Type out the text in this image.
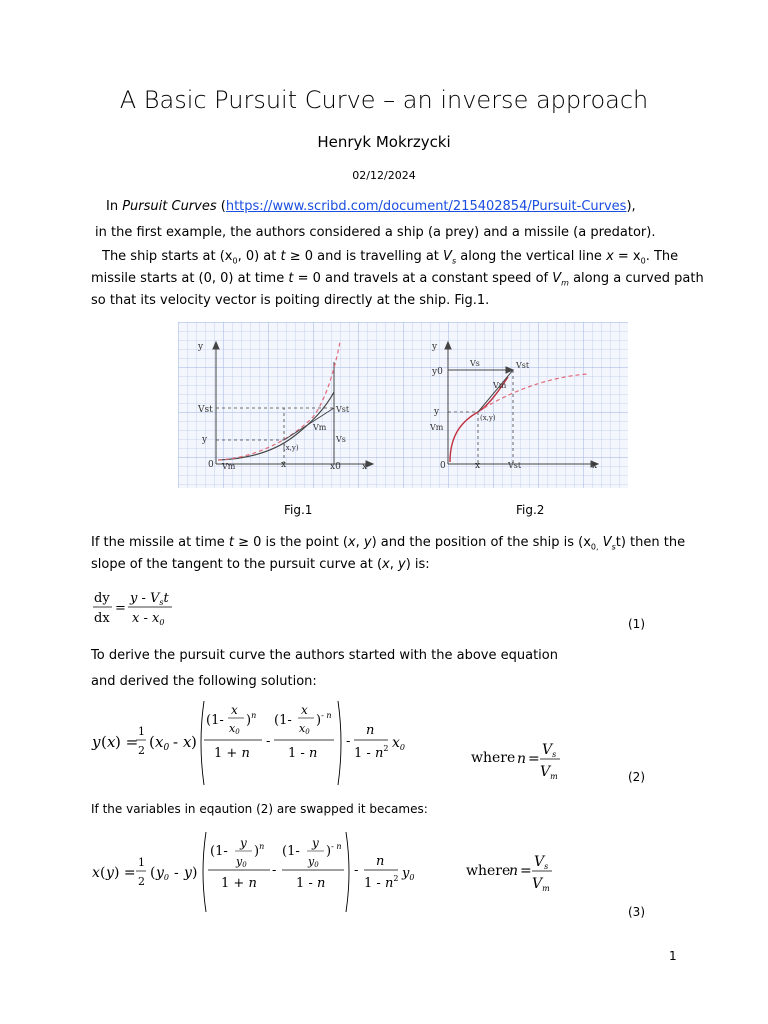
A Basic Pursuit Curve – an inverse approach
Henryk Mokrzycki
02/12/2024
In Pursuit Curves (https://www.scribd.com/document/215402854/Pursuit-Curves),
in the first example, the authors considered a ship (a prey) and a missile (a predator).
The ship starts at ($x_0$, 0) at t ≥ 0 and is travelling at $V_s$ along the vertical line $x = x_0$. The
missile starts at (0, 0) at time t = 0 and travels at a constant speed of $V_m$ along a curved path
so that its velocity vector is poiting directly at the ship. Fig.1.
y
Vst
y
0 Vm	x	x0 x
Vst
Vm
Vs
(x,y)
y
y0
Vs	Vst
Vm
y
Vm
(x,y)
0	x	Vst	x
Fig.1	Fig.2
If the missile at time t ≥ 0 is the point (x, y) and the position of the ship is ($x_{0,}$ $V_st$) then the
slope of the tangent to the pursuit curve at (x, y) is:
dy
dx
=
y - $V_st$
x - $x_0$	(1)
To derive the pursuit curve the authors started with the above equation
and derived the following solution:
y ( x ) =
1
2 ( $x_0$ - x )
(1-
x
x0
)$^n$
1 + n
-
(1-
x
x0
)$^{- n}$
1 - n
-
n
$1 - n^2$ $x_0$
where n =
$V_s$
$V_m$	(2)
If the variables in eqaution (2) are swapped it becames:
x ( y ) =
1
2
( $y_0$ - y )
(1-
y
y0
)$^n$
1 + n
-
(1-
y
y0
)$^{- n}$
1 - n
-
n
$1 - n^2$ $y_0$	where
n =
$V_s$
$V_m$
(3)
1
